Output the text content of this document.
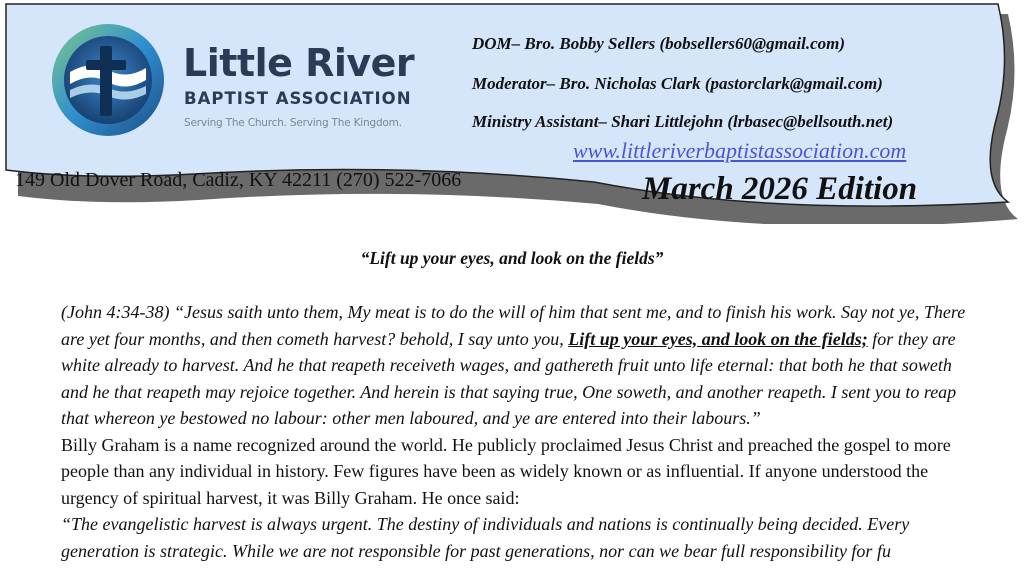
Little River
BAPTIST ASSOCIATION
Serving The Church. Serving The Kingdom.
DOM– Bro. Bobby Sellers (bobsellers60@gmail.com)
Moderator– Bro. Nicholas Clark (pastorclark@gmail.com)
Ministry Assistant– Shari Littlejohn (lrbasec@bellsouth.net)
www.littleriverbaptistassociation.com
149 Old Dover Road, Cadiz, KY 42211 (270) 522-7066	March 2026 Edition
“Lift up your eyes, and look on the fields”

(John 4:34-38) “Jesus saith unto them, My meat is to do the will of him that sent me, and to finish his work. Say not ye, There are yet four months, and then cometh harvest? behold, I say unto you, Lift up your eyes, and look on the fields; for they are white already to harvest. And he that reapeth receiveth wages, and gathereth fruit unto life eternal: that both he that soweth and he that reapeth may rejoice together. And herein is that saying true, One soweth, and another reapeth. I sent you to reap that whereon ye bestowed no labour: other men laboured, and ye are entered into their labours.”

Billy Graham is a name recognized around the world. He publicly proclaimed Jesus Christ and preached the gospel to more people than any individual in history. Few figures have been as widely known or as influential. If anyone understood the urgency of spiritual harvest, it was Billy Graham. He once said:

“The evangelistic harvest is always urgent. The destiny of individuals and nations is continually being decided. Every generation is strategic. While we are not responsible for past generations, nor can we bear full responsibility for fu
